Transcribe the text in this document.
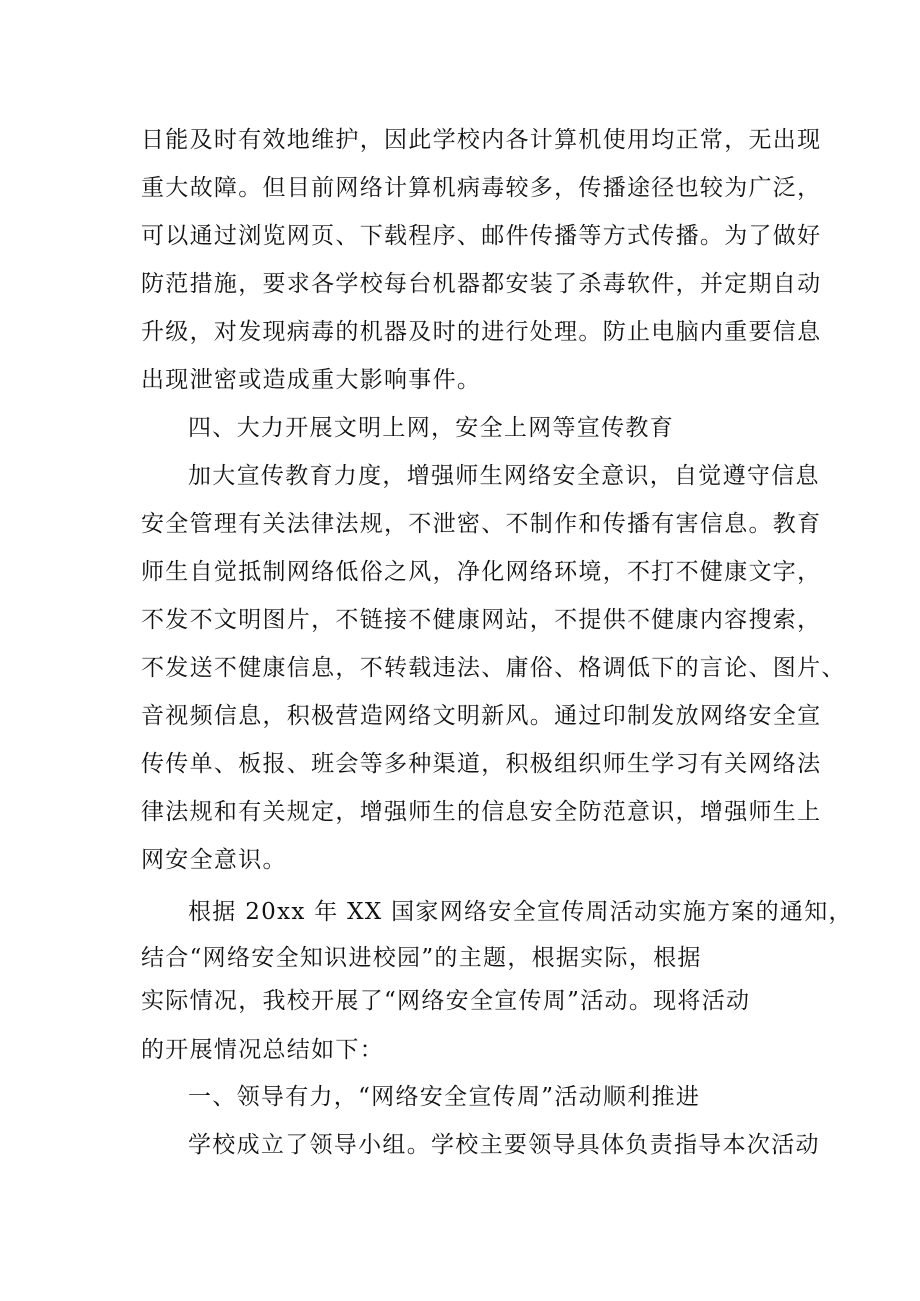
日能及时有效地维护，因此学校内各计算机使用均正常，无出现
重大故障。但目前网络计算机病毒较多，传播途径也较为广泛，
可以通过浏览网页、下载程序、邮件传播等方式传播。为了做好
防范措施，要求各学校每台机器都安装了杀毒软件，并定期自动
升级，对发现病毒的机器及时的进行处理。防止电脑内重要信息
出现泄密或造成重大影响事件。
四、大力开展文明上网，安全上网等宣传教育
加大宣传教育力度，增强师生网络安全意识，自觉遵守信息
安全管理有关法律法规，不泄密、不制作和传播有害信息。教育
师生自觉抵制网络低俗之风，净化网络环境，不打不健康文字，
不发不文明图片，不链接不健康网站，不提供不健康内容搜索，
不发送不健康信息，不转载违法、庸俗、格调低下的言论、图片、
音视频信息，积极营造网络文明新风。通过印制发放网络安全宣
传传单、板报、班会等多种渠道，积极组织师生学习有关网络法
律法规和有关规定，增强师生的信息安全防范意识，增强师生上
网安全意识。
根据 20xx 年 XX 国家网络安全宣传周活动实施方案的通知，
结合“网络安全知识进校园”的主题，根据实际，根据
实际情况，我校开展了“网络安全宣传周”活动。现将活动
的开展情况总结如下：
一、领导有力，“网络安全宣传周”活动顺利推进
学校成立了领导小组。学校主要领导具体负责指导本次活动
